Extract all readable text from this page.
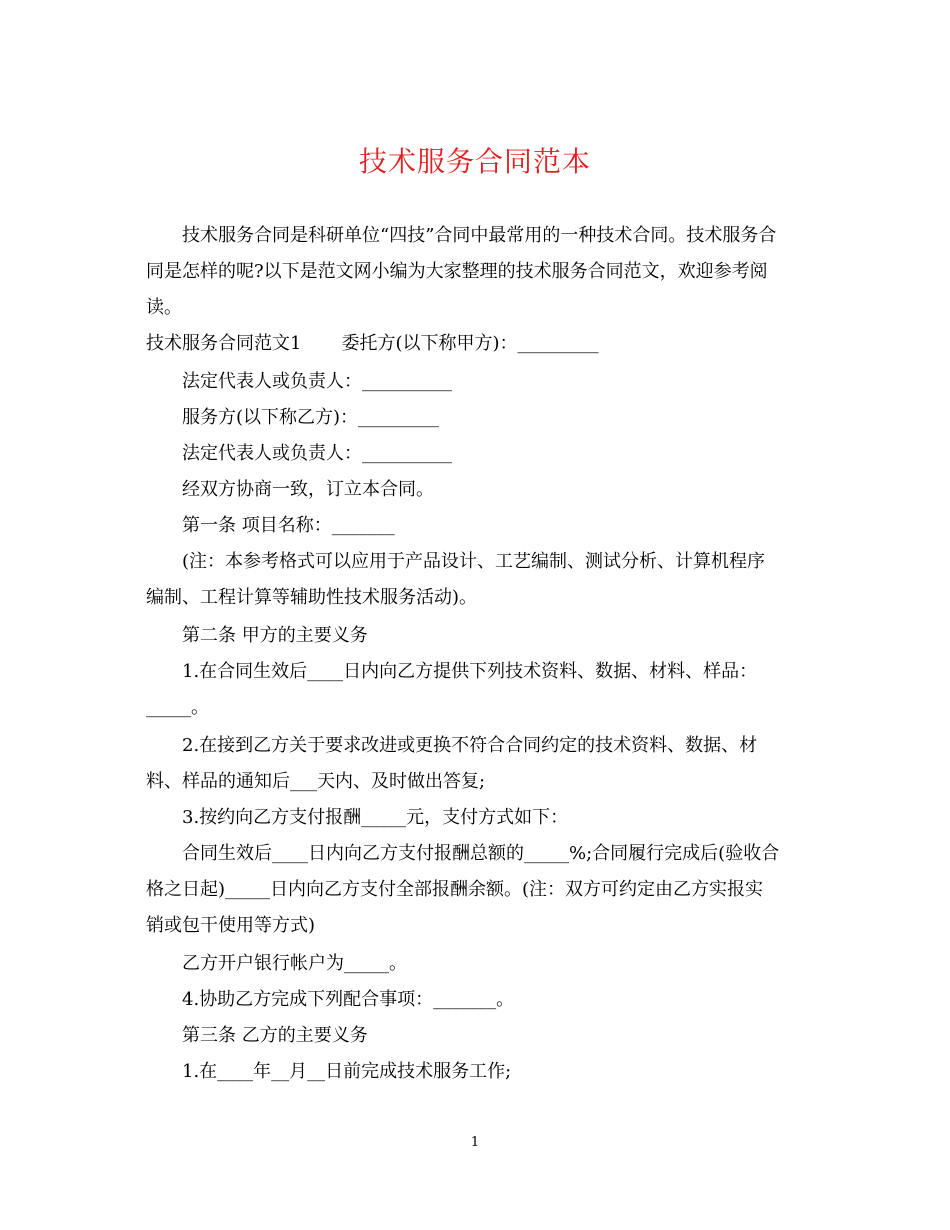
技术服务合同范本
技术服务合同是科研单位“四技”合同中最常用的一种技术合同。技术服务合
同是怎样的呢?以下是范文网小编为大家整理的技术服务合同范文，欢迎参考阅
读。
技术服务合同范文1 委托方(以下称甲方)：_________
法定代表人或负责人：__________
服务方(以下称乙方)：_________
法定代表人或负责人：__________
经双方协商一致，订立本合同。
第一条 项目名称：_______
(注：本参考格式可以应用于产品设计、工艺编制、测试分析、计算机程序
编制、工程计算等辅助性技术服务活动)。
第二条 甲方的主要义务
1.在合同生效后____日内向乙方提供下列技术资料、数据、材料、样品：
_____。
2.在接到乙方关于要求改进或更换不符合合同约定的技术资料、数据、材
料、样品的通知后___天内、及时做出答复;
3.按约向乙方支付报酬_____元，支付方式如下：
合同生效后____日内向乙方支付报酬总额的_____%;合同履行完成后(验收合
格之日起)_____日内向乙方支付全部报酬余额。(注：双方可约定由乙方实报实
销或包干使用等方式)
乙方开户银行帐户为_____。
4.协助乙方完成下列配合事项：_______。
第三条 乙方的主要义务
1.在____年__月__日前完成技术服务工作;
1
